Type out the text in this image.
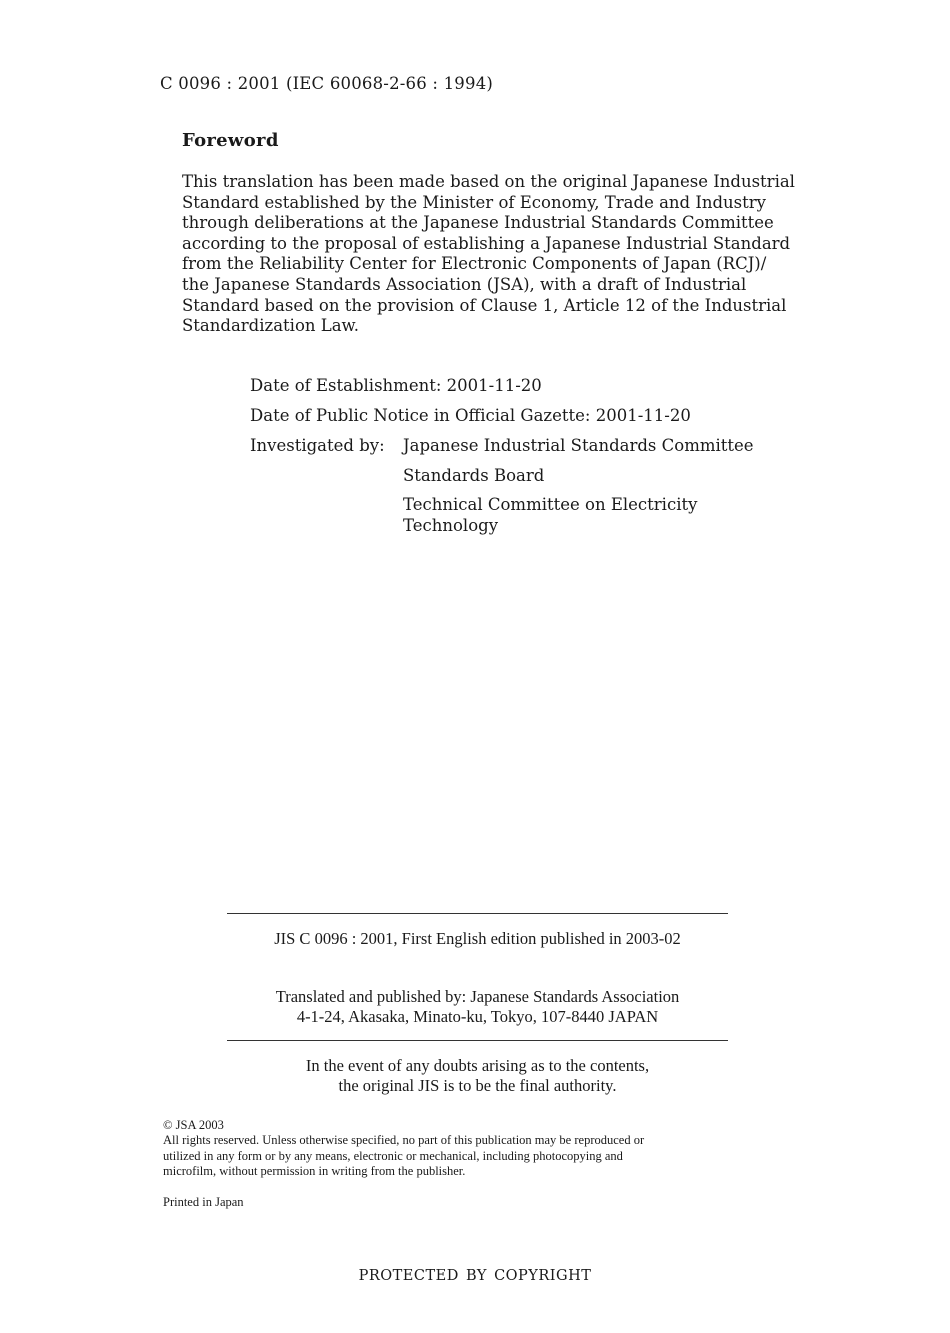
C 0096 : 2001 (IEC 60068-2-66 : 1994)
Foreword
This translation has been made based on the original Japanese Industrial
Standard established by the Minister of Economy, Trade and Industry
through deliberations at the Japanese Industrial Standards Committee
according to the proposal of establishing a Japanese Industrial Standard
from the Reliability Center for Electronic Components of Japan (RCJ)/
the Japanese Standards Association (JSA), with a draft of Industrial
Standard based on the provision of Clause 1, Article 12 of the Industrial
Standardization Law.
Date of Establishment: 2001-11-20
Date of Public Notice in Official Gazette: 2001-11-20
Investigated by: Japanese Industrial Standards Committee
Standards Board
Technical Committee on Electricity
Technology
JIS C 0096 : 2001, First English edition published in 2003-02
Translated and published by: Japanese Standards Association
4-1-24, Akasaka, Minato-ku, Tokyo, 107-8440 JAPAN
In the event of any doubts arising as to the contents,
the original JIS is to be the final authority.
© JSA 2003
All rights reserved. Unless otherwise specified, no part of this publication may be reproduced or
utilized in any form or by any means, electronic or mechanical, including photocopying and
microfilm, without permission in writing from the publisher.
Printed in Japan
PROTECTED BY COPYRIGHT
